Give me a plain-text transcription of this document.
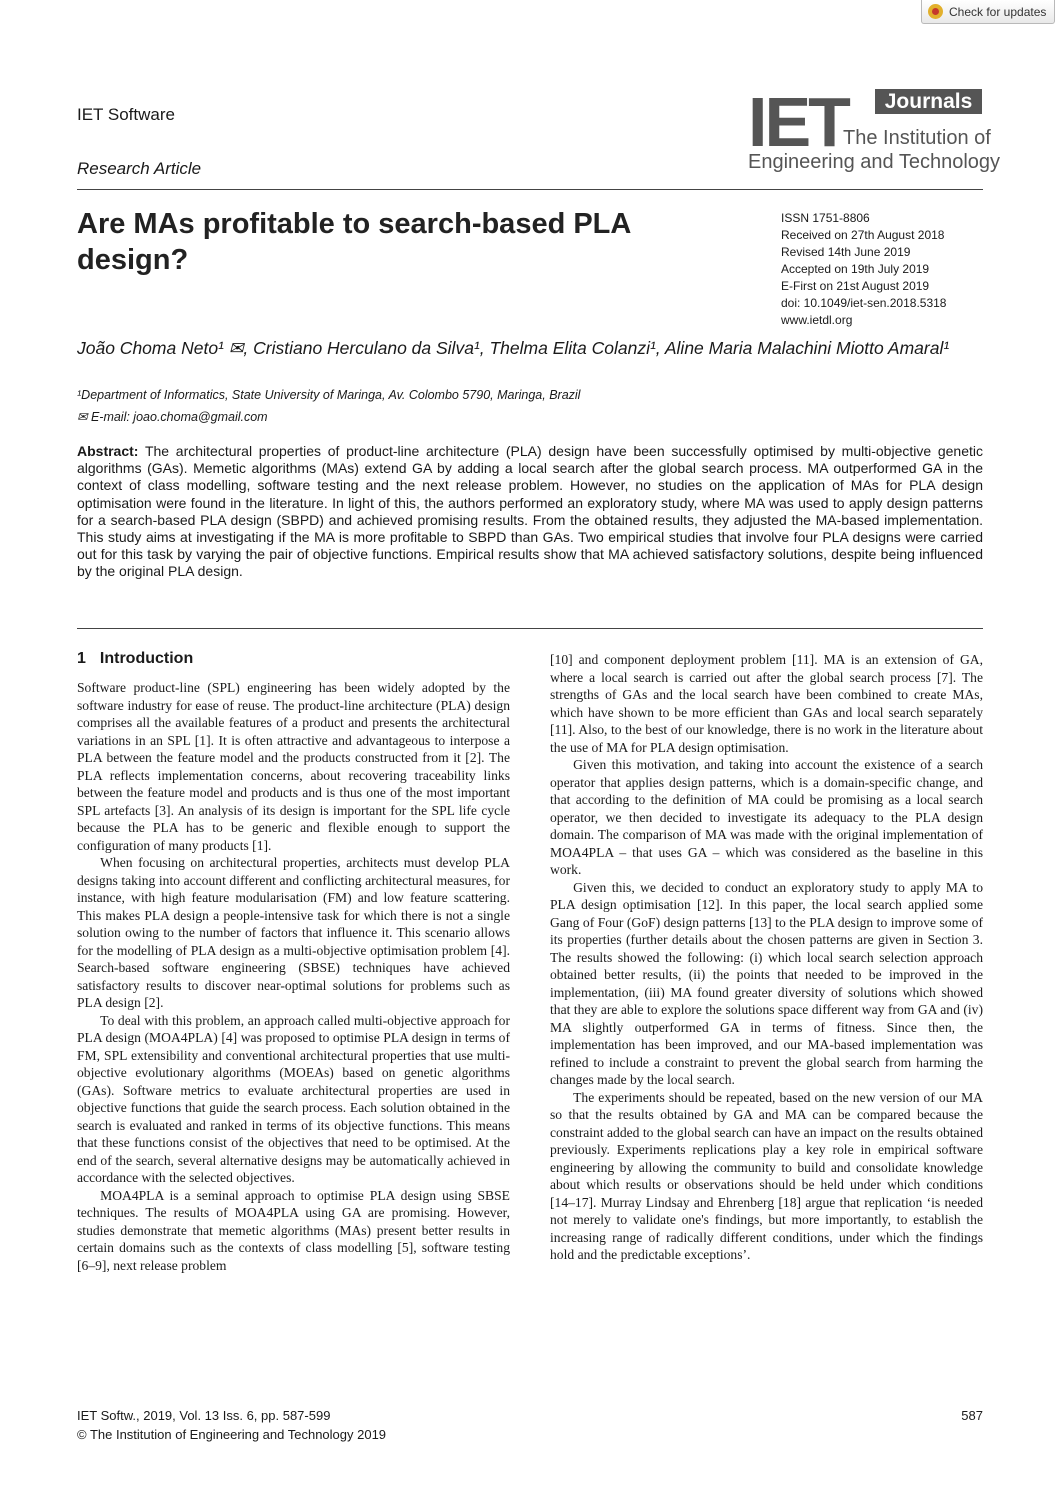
Check for updates
IET Software
Research Article
IET	Journals
The Institution of
Engineering and Technology
Are MAs profitable to search-based PLA design?
ISSN 1751-8806
Received on 27th August 2018
Revised 14th June 2019
Accepted on 19th July 2019
E-First on 21st August 2019
doi: 10.1049/iet-sen.2018.5318
www.ietdl.org
João Choma Neto¹ ✉, Cristiano Herculano da Silva¹, Thelma Elita Colanzi¹, Aline Maria Malachini Miotto Amaral¹
¹Department of Informatics, State University of Maringa, Av. Colombo 5790, Maringa, Brazil
✉ E-mail: joao.choma@gmail.com
Abstract: The architectural properties of product-line architecture (PLA) design have been successfully optimised by multi-objective genetic algorithms (GAs). Memetic algorithms (MAs) extend GA by adding a local search after the global search process. MA outperformed GA in the context of class modelling, software testing and the next release problem. However, no studies on the application of MAs for PLA design optimisation were found in the literature. In light of this, the authors performed an exploratory study, where MA was used to apply design patterns for a search-based PLA design (SBPD) and achieved promising results. From the obtained results, they adjusted the MA-based implementation. This study aims at investigating if the MA is more profitable to SBPD than GAs. Two empirical studies that involve four PLA designs were carried out for this task by varying the pair of objective functions. Empirical results show that MA achieved satisfactory solutions, despite being influenced by the original PLA design.
1 Introduction

Software product-line (SPL) engineering has been widely adopted by the software industry for ease of reuse. The product-line architecture (PLA) design comprises all the available features of a product and presents the architectural variations in an SPL [1]. It is often attractive and advantageous to interpose a PLA between the feature model and the products constructed from it [2]. The PLA reflects implementation concerns, about recovering traceability links between the feature model and products and is thus one of the most important SPL artefacts [3]. An analysis of its design is important for the SPL life cycle because the PLA has to be generic and flexible enough to support the configuration of many products [1].

When focusing on architectural properties, architects must develop PLA designs taking into account different and conflicting architectural measures, for instance, with high feature modularisation (FM) and low feature scattering. This makes PLA design a people-intensive task for which there is not a single solution owing to the number of factors that influence it. This scenario allows for the modelling of PLA design as a multi-objective optimisation problem [4]. Search-based software engineering (SBSE) techniques have achieved satisfactory results to discover near-optimal solutions for problems such as PLA design [2].

To deal with this problem, an approach called multi-objective approach for PLA design (MOA4PLA) [4] was proposed to optimise PLA design in terms of FM, SPL extensibility and conventional architectural properties that use multi-objective evolutionary algorithms (MOEAs) based on genetic algorithms (GAs). Software metrics to evaluate architectural properties are used in objective functions that guide the search process. Each solution obtained in the search is evaluated and ranked in terms of its objective functions. This means that these functions consist of the objectives that need to be optimised. At the end of the search, several alternative designs may be automatically achieved in accordance with the selected objectives.

MOA4PLA is a seminal approach to optimise PLA design using SBSE techniques. The results of MOA4PLA using GA are promising. However, studies demonstrate that memetic algorithms (MAs) present better results in certain domains such as the contexts of class modelling [5], software testing [6–9], next release problem

[10] and component deployment problem [11]. MA is an extension of GA, where a local search is carried out after the global search process [7]. The strengths of GAs and the local search have been combined to create MAs, which have shown to be more efficient than GAs and local search separately [11]. Also, to the best of our knowledge, there is no work in the literature about the use of MA for PLA design optimisation.

Given this motivation, and taking into account the existence of a search operator that applies design patterns, which is a domain-specific change, and that according to the definition of MA could be promising as a local search operator, we then decided to investigate its adequacy to the PLA design domain. The comparison of MA was made with the original implementation of MOA4PLA – that uses GA – which was considered as the baseline in this work.

Given this, we decided to conduct an exploratory study to apply MA to PLA design optimisation [12]. In this paper, the local search applied some Gang of Four (GoF) design patterns [13] to the PLA design to improve some of its properties (further details about the chosen patterns are given in Section 3. The results showed the following: (i) which local search selection approach obtained better results, (ii) the points that needed to be improved in the implementation, (iii) MA found greater diversity of solutions which showed that they are able to explore the solutions space different way from GA and (iv) MA slightly outperformed GA in terms of fitness. Since then, the implementation has been improved, and our MA-based implementation was refined to include a constraint to prevent the global search from harming the changes made by the local search.

The experiments should be repeated, based on the new version of our MA so that the results obtained by GA and MA can be compared because the constraint added to the global search can have an impact on the results obtained previously. Experiments replications play a key role in empirical software engineering by allowing the community to build and consolidate knowledge about which results or observations should be held under which conditions [14–17]. Murray Lindsay and Ehrenberg [18] argue that replication ‘is needed not merely to validate one's findings, but more importantly, to establish the increasing range of radically different conditions, under which the findings hold and the predictable exceptions’.

IET Softw., 2019, Vol. 13 Iss. 6, pp. 587-599
© The Institution of Engineering and Technology 2019
587
